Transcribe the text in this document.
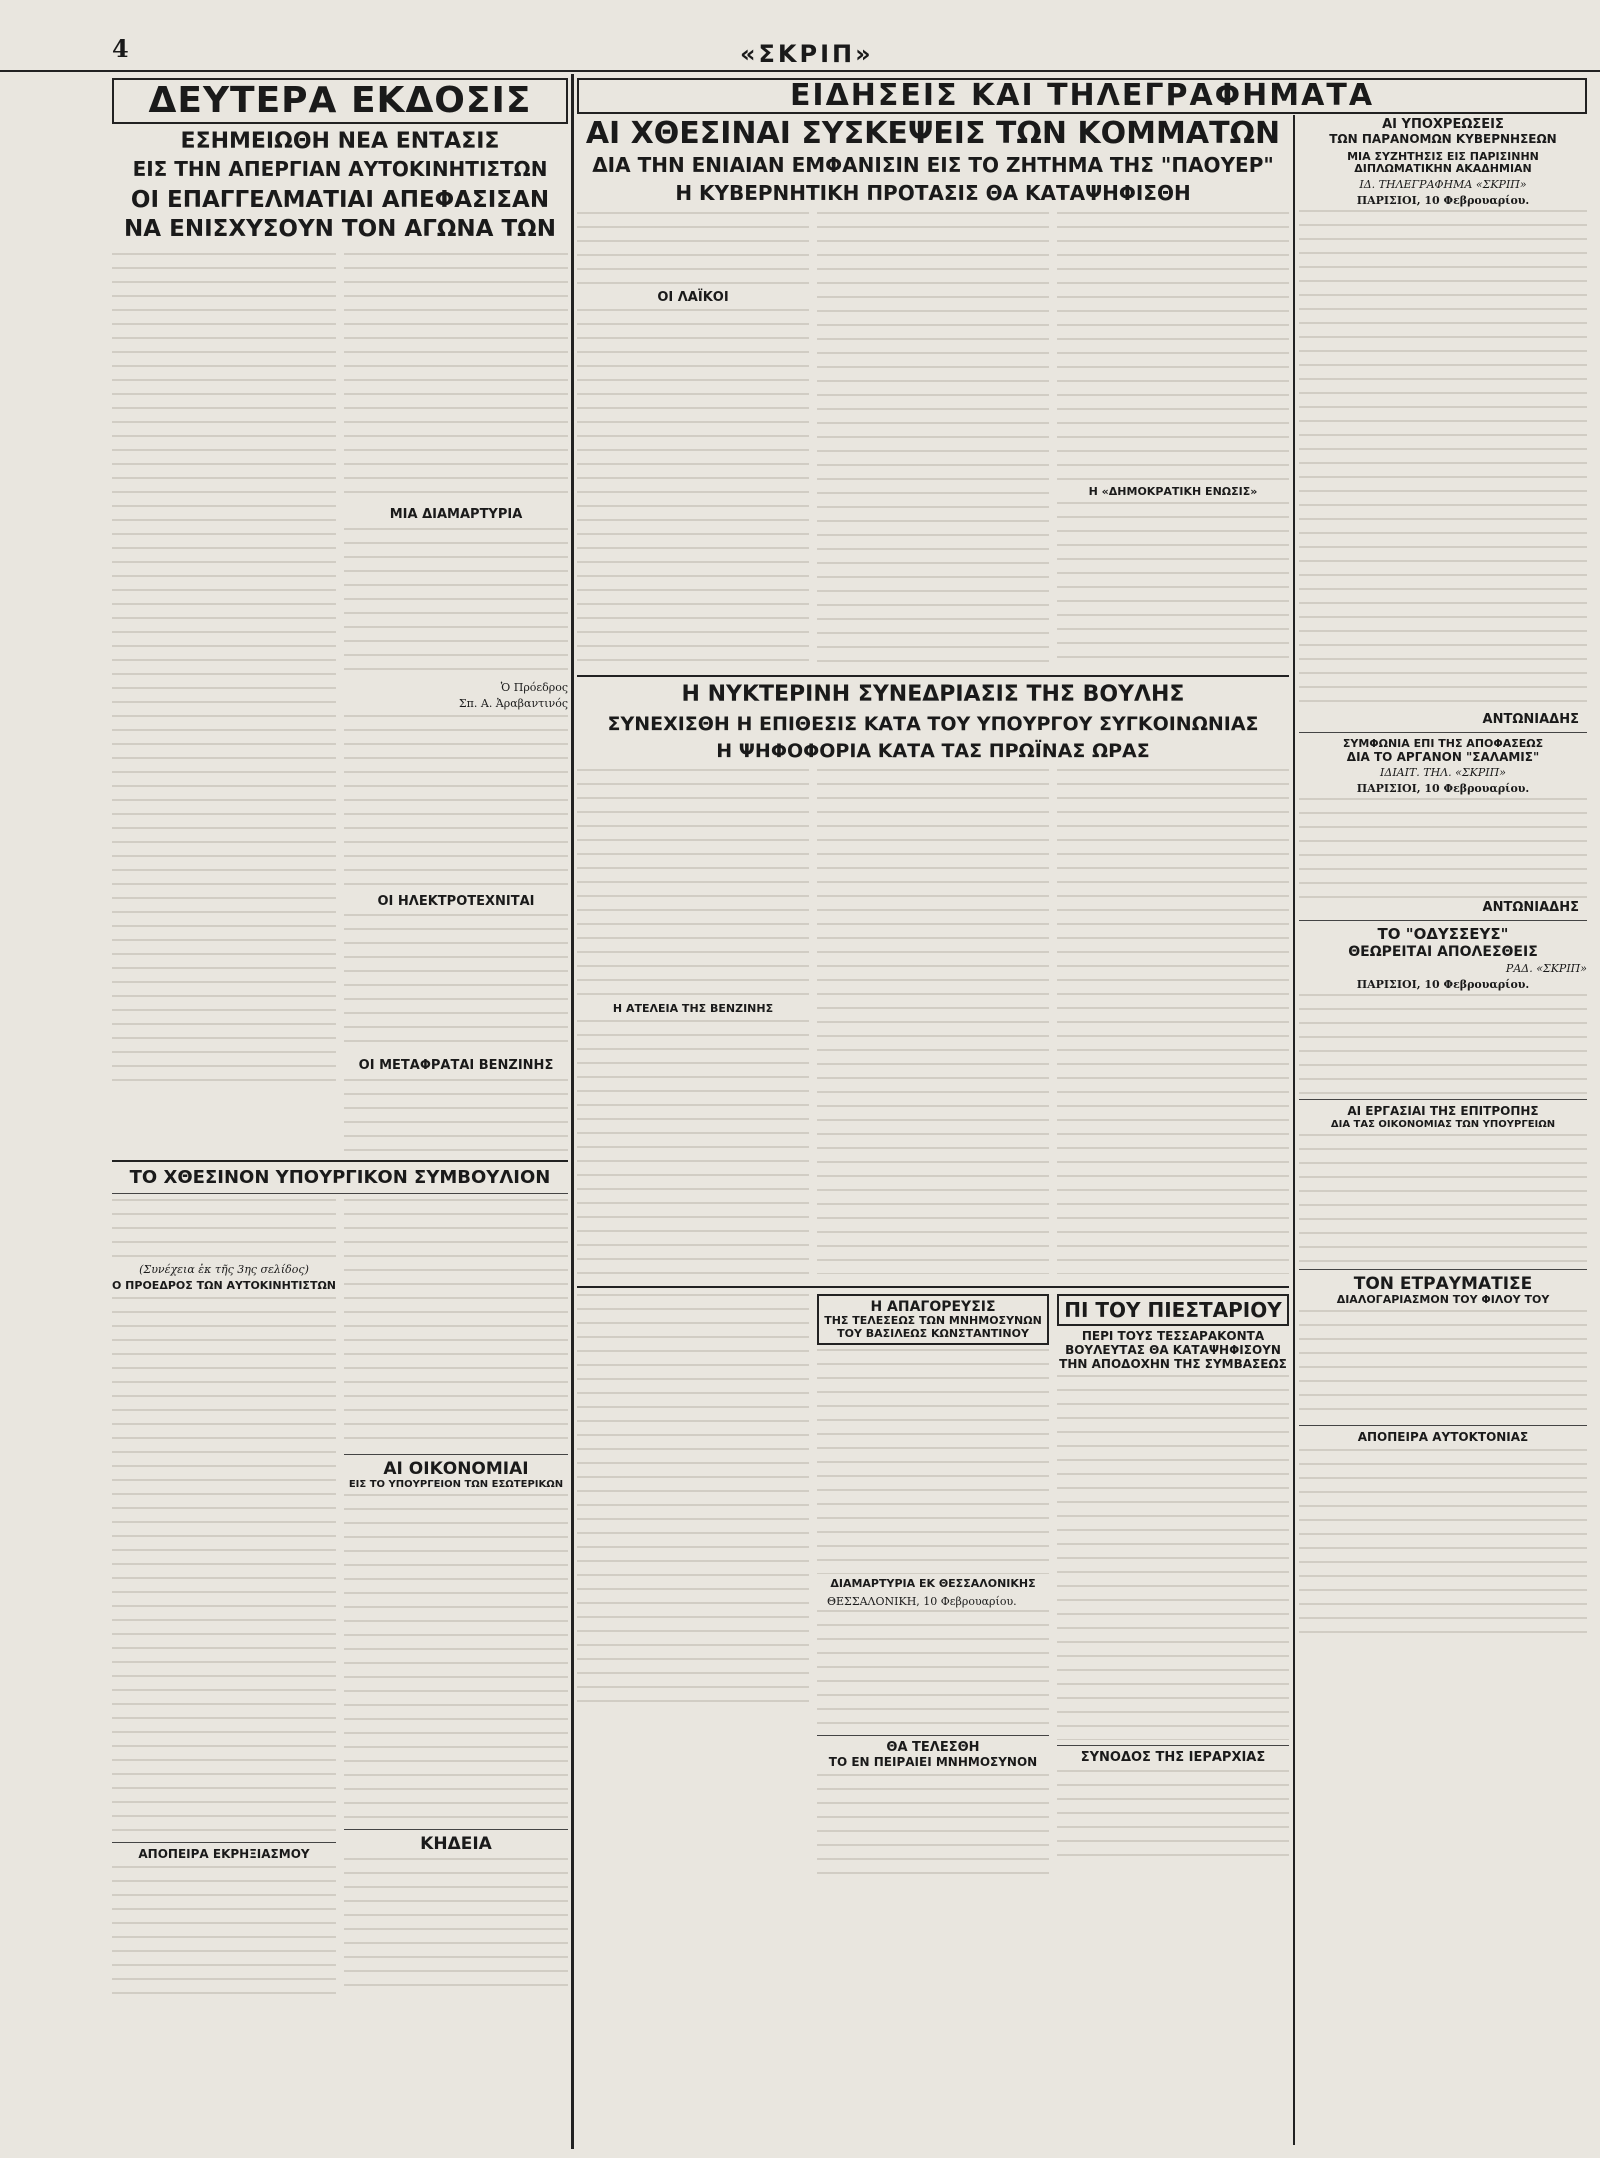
4	«ΣΚΡΙΠ»

ΔΕΥΤΕΡΑ ΕΚΔΟΣΙΣ

ΕΣΗΜΕΙΩΘΗ ΝΕΑ ΕΝΤΑΣΙΣ

ΕΙΣ ΤΗΝ ΑΠΕΡΓΙΑΝ ΑΥΤΟΚΙΝΗΤΙΣΤΩΝ

ΟΙ ΕΠΑΓΓΕΛΜΑΤΙΑΙ ΑΠΕΦΑΣΙΣΑΝ

ΝΑ ΕΝΙΣΧΥΣΟΥΝ ΤΟΝ ΑΓΩΝΑ ΤΩΝ

ΜΙΑ ΔΙΑΜΑΡΤΥΡΙΑ

Ὁ Πρόεδρος

Σπ. Α. Ἀραβαντινός

ΟΙ ΗΛΕΚΤΡΟΤΕΧΝΙΤΑΙ

ΟΙ ΜΕΤΑΦΡΑΤΑΙ ΒΕΝΖΙΝΗΣ

ΤΟ ΧΘΕΣΙΝΟΝ ΥΠΟΥΡΓΙΚΟΝ ΣΥΜΒΟΥΛΙΟΝ

(Συνέχεια ἐκ τῆς 3ης σελίδος)

Ο ΠΡΟΕΔΡΟΣ ΤΩΝ ΑΥΤΟΚΙΝΗΤΙΣΤΩΝ

ΑΠΟΠΕΙΡΑ ΕΚΡΗΞΙΑΣΜΟΥ

ΑΙ ΟΙΚΟΝΟΜΙΑΙ

ΕΙΣ ΤΟ ΥΠΟΥΡΓΕΙΟΝ ΤΩΝ ΕΣΩΤΕΡΙΚΩΝ

ΚΗΔΕΙΑ

ΕΙΔΗΣΕΙΣ ΚΑΙ ΤΗΛΕΓΡΑΦΗΜΑΤΑ

ΑΙ ΧΘΕΣΙΝΑΙ ΣΥΣΚΕΨΕΙΣ ΤΩΝ ΚΟΜΜΑΤΩΝ

ΔΙΑ ΤΗΝ ΕΝΙΑΙΑΝ ΕΜΦΑΝΙΣΙΝ ΕΙΣ ΤΟ ΖΗΤΗΜΑ ΤΗΣ "ΠΑΟΥΕΡ"

Η ΚΥΒΕΡΝΗΤΙΚΗ ΠΡΟΤΑΣΙΣ ΘΑ ΚΑΤΑΨΗΦΙΣΘΗ

ΟΙ ΛΑΪΚΟΙ

Η «ΔΗΜΟΚΡΑΤΙΚΗ ΕΝΩΣΙΣ»

Η ΝΥΚΤΕΡΙΝΗ ΣΥΝΕΔΡΙΑΣΙΣ ΤΗΣ ΒΟΥΛΗΣ

ΣΥΝΕΧΙΣΘΗ Η ΕΠΙΘΕΣΙΣ ΚΑΤΑ ΤΟΥ ΥΠΟΥΡΓΟΥ ΣΥΓΚΟΙΝΩΝΙΑΣ

Η ΨΗΦΟΦΟΡΙΑ ΚΑΤΑ ΤΑΣ ΠΡΩΪΝΑΣ ΩΡΑΣ

Η ΑΤΕΛΕΙΑ ΤΗΣ ΒΕΝΖΙΝΗΣ

Η ΑΠΑΓΟΡΕΥΣΙΣ

ΤΗΣ ΤΕΛΕΣΕΩΣ ΤΩΝ ΜΝΗΜΟΣΥΝΩΝ

ΤΟΥ ΒΑΣΙΛΕΩΣ ΚΩΝΣΤΑΝΤΙΝΟΥ

ΔΙΑΜΑΡΤΥΡΙΑ ΕΚ ΘΕΣΣΑΛΟΝΙΚΗΣ

ΘΕΣΣΑΛΟΝΙΚΗ, 10 Φεβρουαρίου.

ΘΑ ΤΕΛΕΣΘΗ

ΤΟ ΕΝ ΠΕΙΡΑΙΕΙ ΜΝΗΜΟΣΥΝΟΝ

ΠΙ ΤΟΥ ΠΙΕΣΤΑΡΙΟΥ

ΠΕΡΙ ΤΟΥΣ ΤΕΣΣΑΡΑΚΟΝΤΑ

ΒΟΥΛΕΥΤΑΣ ΘΑ ΚΑΤΑΨΗΦΙΣΟΥΝ

ΤΗΝ ΑΠΟΔΟΧΗΝ ΤΗΣ ΣΥΜΒΑΣΕΩΣ

ΣΥΝΟΔΟΣ ΤΗΣ ΙΕΡΑΡΧΙΑΣ

ΑΙ ΥΠΟΧΡΕΩΣΕΙΣ

ΤΩΝ ΠΑΡΑΝΟΜΩΝ ΚΥΒΕΡΝΗΣΕΩΝ

ΜΙΑ ΣΥΖΗΤΗΣΙΣ ΕΙΣ ΠΑΡΙΣΙΝΗΝ

ΔΙΠΛΩΜΑΤΙΚΗΝ ΑΚΑΔΗΜΙΑΝ

ΙΔ. ΤΗΛΕΓΡΑΦΗΜΑ «ΣΚΡΙΠ»

ΠΑΡΙΣΙΟΙ, 10 Φεβρουαρίου.

ΑΝΤΩΝΙΑΔΗΣ

ΣΥΜΦΩΝΙΑ ΕΠΙ ΤΗΣ ΑΠΟΦΑΣΕΩΣ

ΔΙΑ ΤΟ ΑΡΓΑΝΟΝ "ΣΑΛΑΜΙΣ"

ΙΔΙΑΙΤ. ΤΗΛ. «ΣΚΡΙΠ»

ΠΑΡΙΣΙΟΙ, 10 Φεβρουαρίου.

ΑΝΤΩΝΙΑΔΗΣ

ΤΟ "ΟΔΥΣΣΕΥΣ"

ΘΕΩΡΕΙΤΑΙ ΑΠΟΛΕΣΘΕΙΣ

ΡΑΔ. «ΣΚΡΙΠ»

ΠΑΡΙΣΙΟΙ, 10 Φεβρουαρίου.

ΑΙ ΕΡΓΑΣΙΑΙ ΤΗΣ ΕΠΙΤΡΟΠΗΣ

ΔΙΑ ΤΑΣ ΟΙΚΟΝΟΜΙΑΣ ΤΩΝ ΥΠΟΥΡΓΕΙΩΝ

ΤΟΝ ΕΤΡΑΥΜΑΤΙΣΕ

ΔΙΑΛΟΓΑΡΙΑΣΜΟΝ ΤΟΥ ΦΙΛΟΥ ΤΟΥ

ΑΠΟΠΕΙΡΑ ΑΥΤΟΚΤΟΝΙΑΣ
